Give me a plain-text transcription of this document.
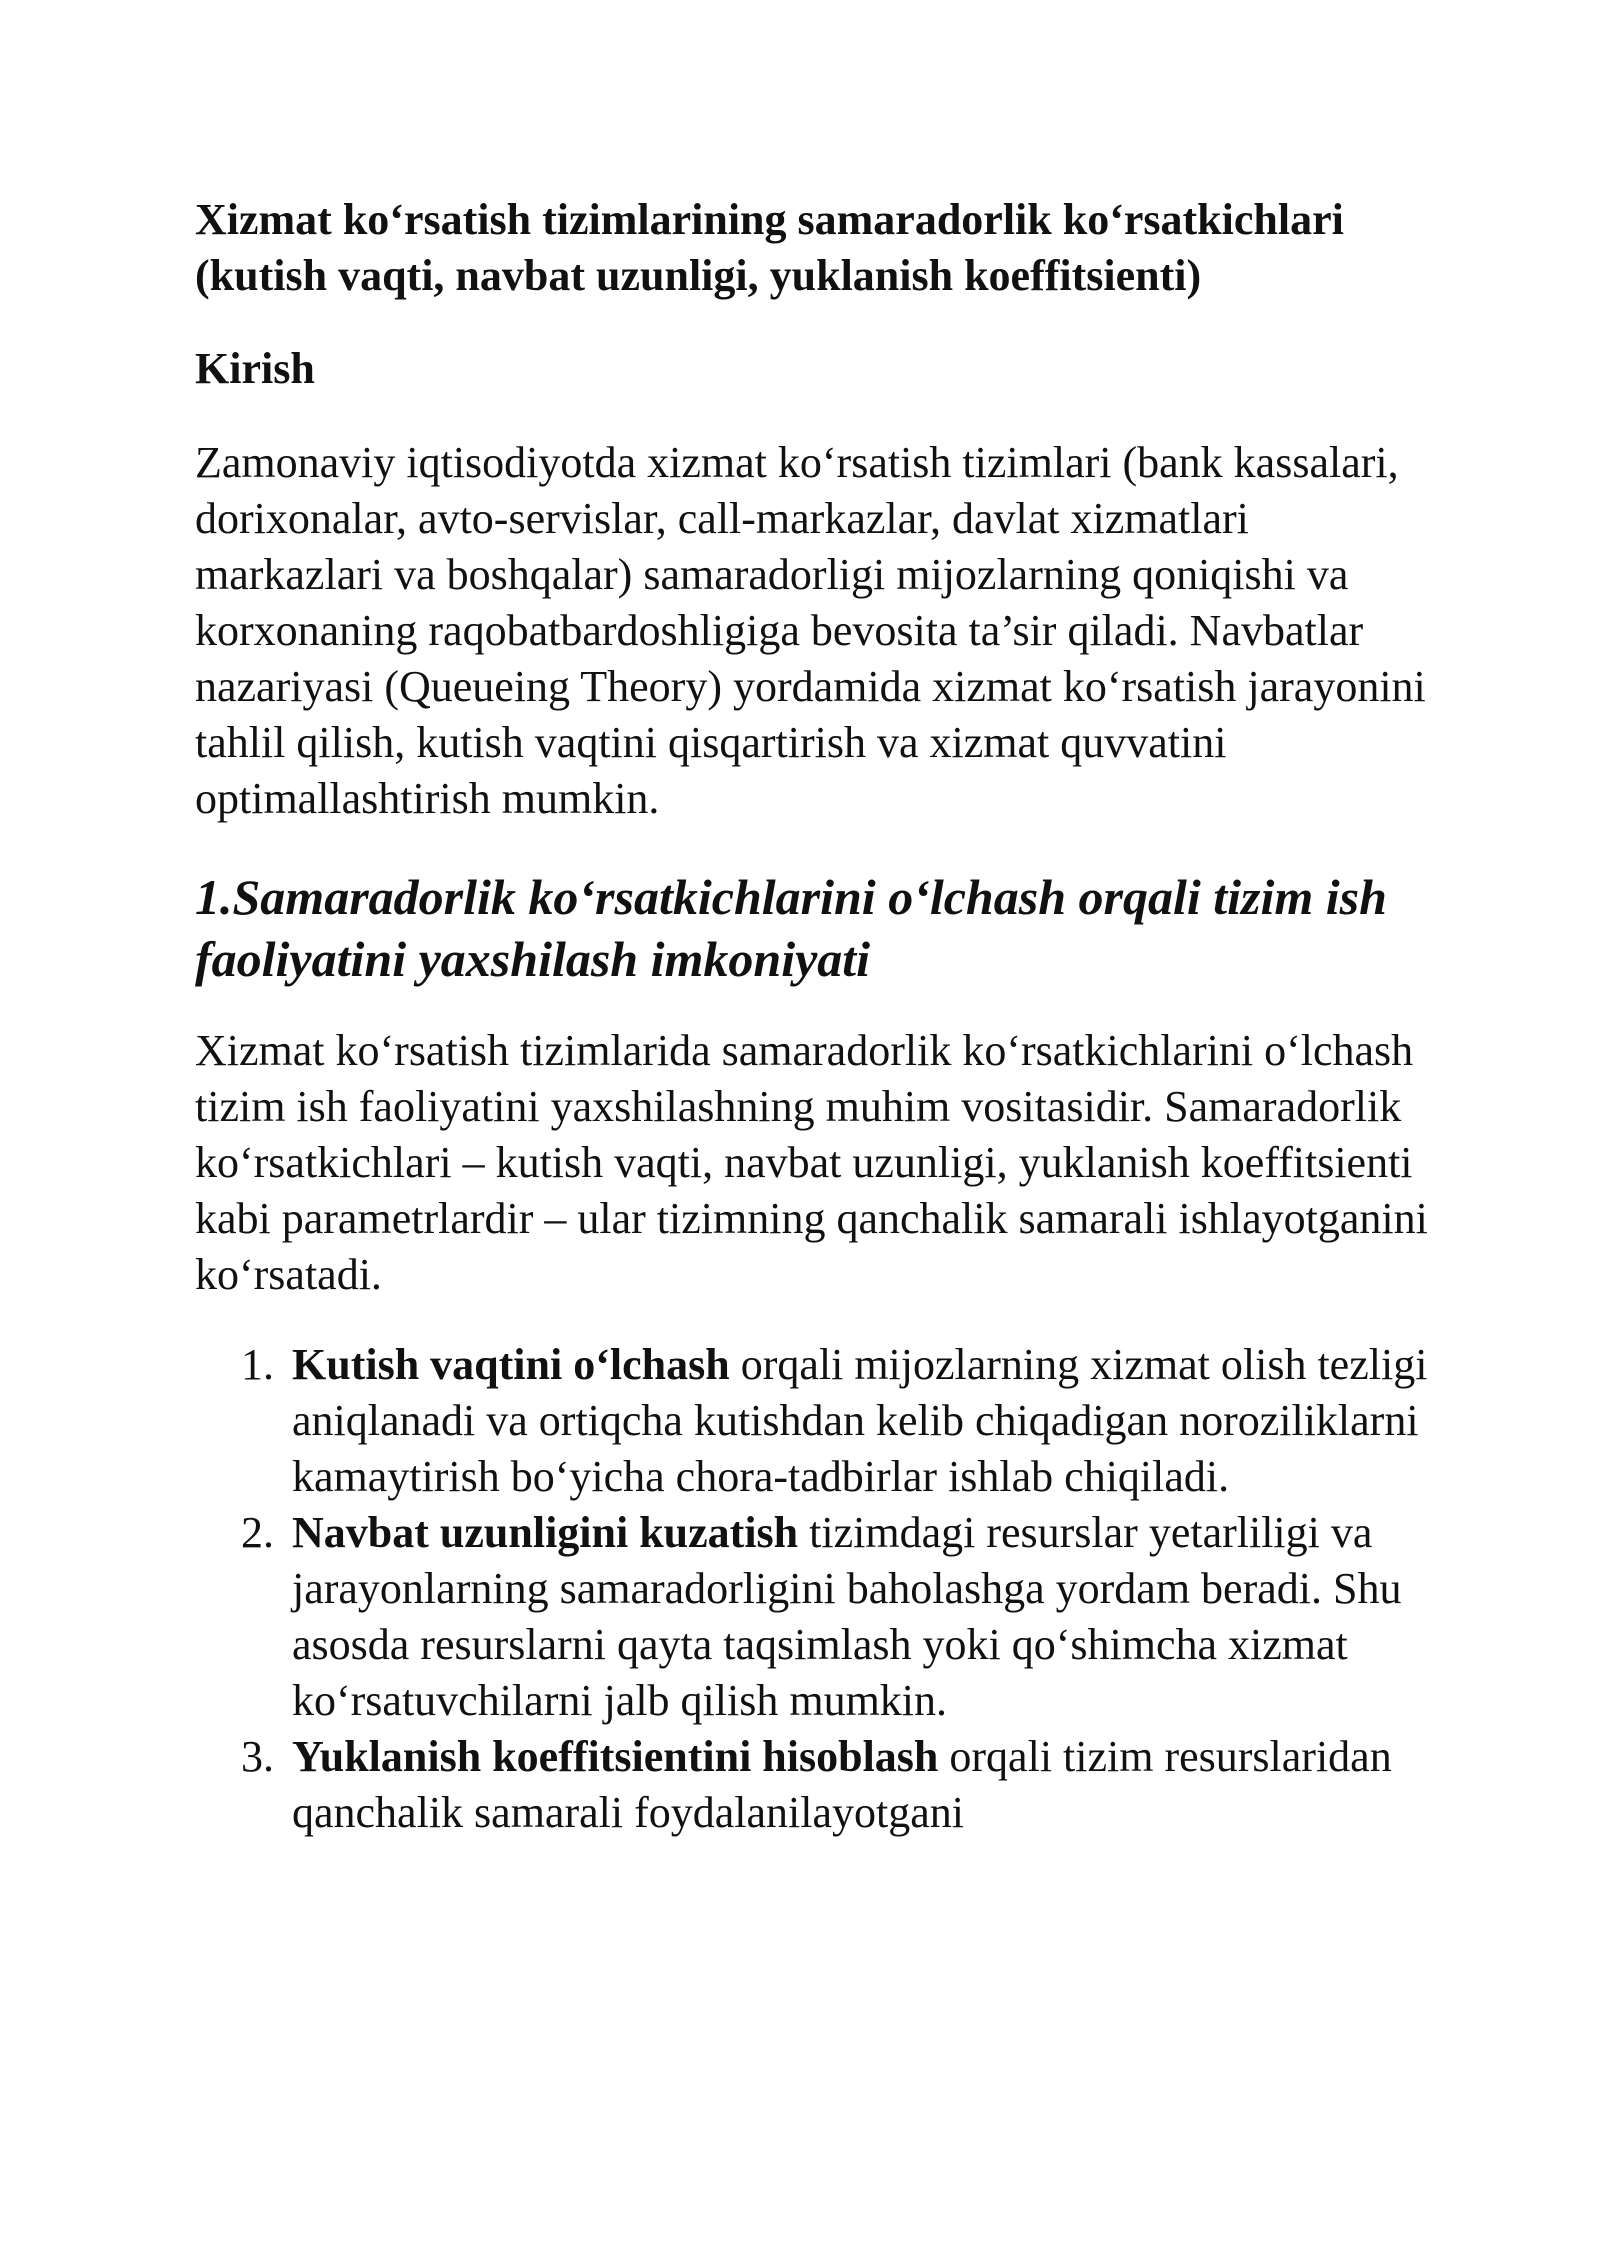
Xizmat ko‘rsatish tizimlarining samaradorlik ko‘rsatkichlari (kutish vaqti, navbat uzunligi, yuklanish koeffitsienti)
Kirish

Zamonaviy iqtisodiyotda xizmat ko‘rsatish tizimlari (bank kassalari, dorixonalar, avto-servislar, call-markazlar, davlat xizmatlari markazlari va boshqalar) samaradorligi mijozlarning qoniqishi va korxonaning raqobatbardoshligiga bevosita ta’sir qiladi. Navbatlar nazariyasi (Queueing Theory) yordamida xizmat ko‘rsatish jarayonini tahlil qilish, kutish vaqtini qisqartirish va xizmat quvvatini optimallashtirish mumkin.

1.Samaradorlik ko‘rsatkichlarini o‘lchash orqali tizim ish faoliyatini yaxshilash imkoniyati

Xizmat ko‘rsatish tizimlarida samaradorlik ko‘rsatkichlarini o‘lchash tizim ish faoliyatini yaxshilashning muhim vositasidir. Samaradorlik ko‘rsatkichlari – kutish vaqti, navbat uzunligi, yuklanish koeffitsienti kabi parametrlardir – ular tizimning qanchalik samarali ishlayotganini ko‘rsatadi.

1. Kutish vaqtini o‘lchash orqali mijozlarning xizmat olish tezligi aniqlanadi va ortiqcha kutishdan kelib chiqadigan noroziliklarni kamaytirish bo‘yicha chora-tadbirlar ishlab chiqiladi.
2. Navbat uzunligini kuzatish tizimdagi resurslar yetarliligi va jarayonlarning samaradorligini baholashga yordam beradi. Shu asosda resurslarni qayta taqsimlash yoki qo‘shimcha xizmat ko‘rsatuvchilarni jalb qilish mumkin.
3. Yuklanish koeffitsientini hisoblash orqali tizim resurslaridan qanchalik samarali foydalanilayotgani
